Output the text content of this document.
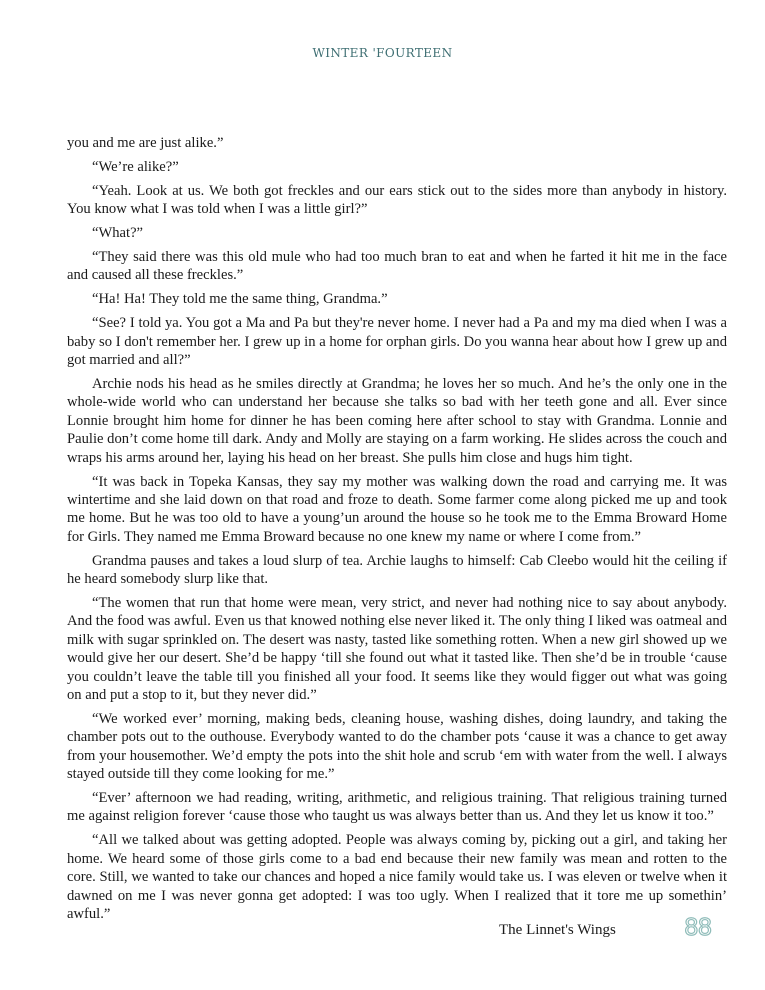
WINTER 'FOURTEEN

you and me are just alike.”

“We’re alike?”

“Yeah. Look at us. We both got freckles and our ears stick out to the sides more than anybody in history. You know what I was told when I was a little girl?”

“What?”

“They said there was this old mule who had too much bran to eat and when he farted it hit me in the face and caused all these freckles.”

“Ha! Ha! They told me the same thing, Grandma.”

“See? I told ya. You got a Ma and Pa but they're never home. I never had a Pa and my ma died when I was a baby so I don't remember her. I grew up in a home for orphan girls. Do you wanna hear about how I grew up and got married and all?”

Archie nods his head as he smiles directly at Grandma; he loves her so much. And he’s the only one in the whole-wide world who can understand her because she talks so bad with her teeth gone and all. Ever since Lonnie brought him home for dinner he has been coming here after school to stay with Grandma. Lonnie and Paulie don’t come home till dark. Andy and Molly are staying on a farm working. He slides across the couch and wraps his arms around her, laying his head on her breast. She pulls him close and hugs him tight.

“It was back in Topeka Kansas, they say my mother was walking down the road and carrying me. It was wintertime and she laid down on that road and froze to death. Some farmer come along picked me up and took me home. But he was too old to have a young’un around the house so he took me to the Emma Broward Home for Girls. They named me Emma Broward because no one knew my name or where I come from.”

Grandma pauses and takes a loud slurp of tea. Archie laughs to himself: Cab Cleebo would hit the ceiling if he heard somebody slurp like that.

“The women that run that home were mean, very strict, and never had nothing nice to say about anybody. And the food was awful. Even us that knowed nothing else never liked it. The only thing I liked was oatmeal and milk with sugar sprinkled on. The desert was nasty, tasted like something rotten. When a new girl showed up we would give her our desert. She’d be happy ‘till she found out what it tasted like. Then she’d be in trouble ‘cause you couldn’t leave the table till you finished all your food. It seems like they would figger out what was going on and put a stop to it, but they never did.”

“We worked ever’ morning, making beds, cleaning house, washing dishes, doing laundry, and taking the chamber pots out to the outhouse. Everybody wanted to do the chamber pots ‘cause it was a chance to get away from your housemother. We’d empty the pots into the shit hole and scrub ‘em with water from the well. I always stayed outside till they come looking for me.”

“Ever’ afternoon we had reading, writing, arithmetic, and religious training. That religious training turned me against religion forever ‘cause those who taught us was always better than us. And they let us know it too.”

“All we talked about was getting adopted. People was always coming by, picking out a girl, and taking her home. We heard some of those girls come to a bad end because their new family was mean and rotten to the core. Still, we wanted to take our chances and hoped a nice family would take us. I was eleven or twelve when it dawned on me I was never gonna get adopted: I was too ugly. When I realized that it tore me up somethin’ awful.”

The Linnet's Wings	88
